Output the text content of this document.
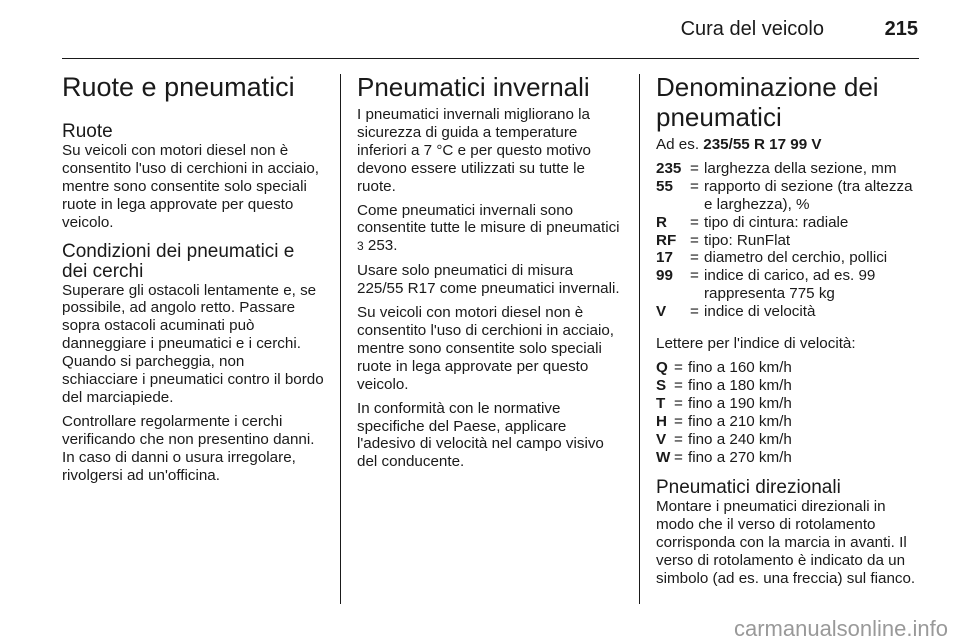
Cura del veicolo	215
Ruote e pneumatici
Ruote

Su veicoli con motori diesel non è consentito l'uso di cerchioni in acciaio, mentre sono consentite solo speciali ruote in lega approvate per questo veicolo.

Condizioni dei pneumatici e dei cerchi

Superare gli ostacoli lentamente e, se possibile, ad angolo retto. Passare sopra ostacoli acuminati può danneggiare i pneumatici e i cerchi. Quando si parcheggia, non schiacciare i pneumatici contro il bordo del marciapiede.

Controllare regolarmente i cerchi verificando che non presentino danni. In caso di danni o usura irregolare, rivolgersi ad un'officina.

Pneumatici invernali

I pneumatici invernali migliorano la sicurezza di guida a temperature inferiori a 7 °C e per questo motivo devono essere utilizzati su tutte le ruote.

Come pneumatici invernali sono consentite tutte le misure di pneumatici
3 253.

Usare solo pneumatici di misura 225/55 R17 come pneumatici invernali.

Su veicoli con motori diesel non è consentito l'uso di cerchioni in acciaio, mentre sono consentite solo speciali ruote in lega approvate per questo veicolo.

In conformità con le normative specifiche del Paese, applicare l'adesivo di velocità nel campo visivo del conducente.

Denominazione dei pneumatici

Ad es. 235/55 R 17 99 V

235	=	larghezza della sezione, mm
55	=	rapporto di sezione (tra altezza e larghezza), %
R	=	tipo di cintura: radiale
RF	=	tipo: RunFlat
17	=	diametro del cerchio, pollici
99	=	indice di carico, ad es. 99 rappresenta 775 kg
V	=	indice di velocità

Lettere per l'indice di velocità:

Q	=	fino a 160 km/h
S	=	fino a 180 km/h
T	=	fino a 190 km/h
H	=	fino a 210 km/h
V	=	fino a 240 km/h
W	=	fino a 270 km/h
Pneumatici direzionali

Montare i pneumatici direzionali in modo che il verso di rotolamento corrisponda con la marcia in avanti. Il verso di rotolamento è indicato da un simbolo (ad es. una freccia) sul fianco.

carmanualsonline.info
